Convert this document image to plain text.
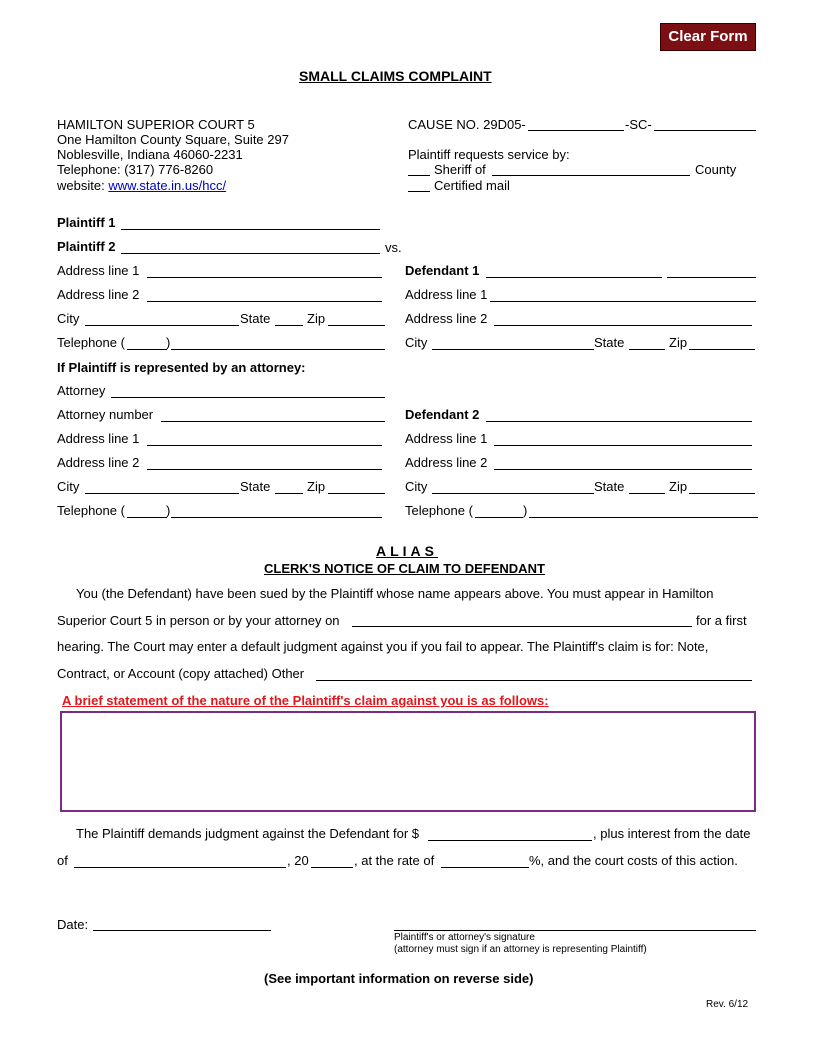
Clear Form
SMALL CLAIMS COMPLAINT
HAMILTON SUPERIOR COURT 5
One Hamilton County Square, Suite 297
Noblesville, Indiana 46060-2231
Telephone: (317) 776-8260
website: www.state.in.us/hcc/
CAUSE NO. 29D05-	-SC-
Plaintiff requests service by:
Sheriff of	County
Certified mail
Plaintiff 1
Plaintiff 2	vs.
Address line 1
Address line 2
City	State	Zip
Telephone (	)
If Plaintiff is represented by an attorney:
Attorney
Attorney number
Address line 1
Address line 2
City	State	Zip
Telephone (	)
Defendant 1
Address line 1
Address line 2
City	State	Zip
Defendant 2
Address line 1
Address line 2
City	State	Zip
Telephone (	)
ALIAS
CLERK'S NOTICE OF CLAIM TO DEFENDANT
You (the Defendant) have been sued by the Plaintiff whose name appears above. You must appear in Hamilton
Superior Court 5 in person or by your attorney on	for a first
hearing. The Court may enter a default judgment against you if you fail to appear. The Plaintiff's claim is for: Note,
Contract, or Account (copy attached) Other
A brief statement of the nature of the Plaintiff's claim against you is as follows:
The Plaintiff demands judgment against the Defendant for $	, plus interest from the date
of	, 20	, at the rate of	%, and the court costs of this action.
Date:
Plaintiff's or attorney's signature
(attorney must sign if an attorney is representing Plaintiff)
(See important information on reverse side)
Rev. 6/12
